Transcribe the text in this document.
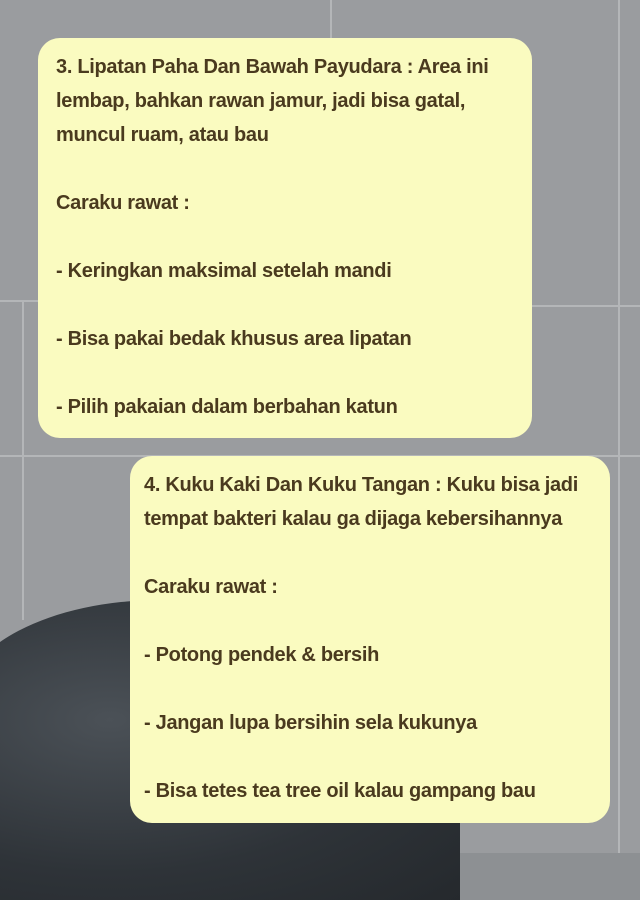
3. Lipatan Paha Dan Bawah Payudara : Area ini lembap, bahkan rawan jamur, jadi bisa gatal, muncul ruam, atau bau

Caraku rawat :

- Keringkan maksimal setelah mandi

- Bisa pakai bedak khusus area lipatan

- Pilih pakaian dalam berbahan katun

4. Kuku Kaki Dan Kuku Tangan : Kuku bisa jadi tempat bakteri kalau ga dijaga kebersihannya

Caraku rawat :

- Potong pendek & bersih

- Jangan lupa bersihin sela kukunya

- Bisa tetes tea tree oil kalau gampang bau
